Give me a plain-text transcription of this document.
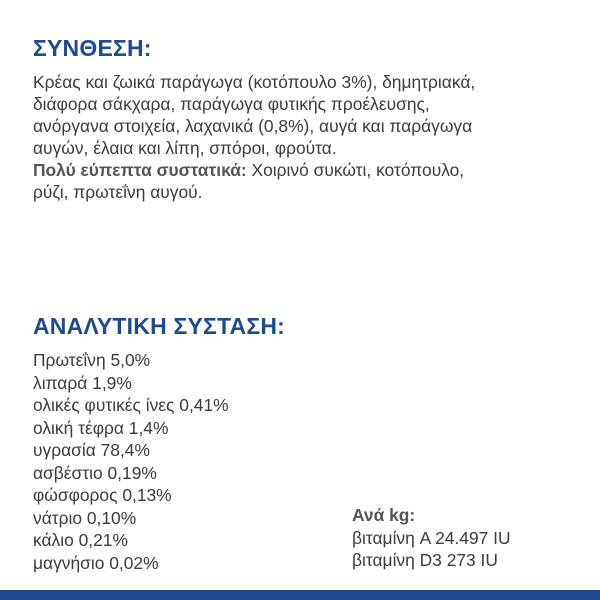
ΣΥΝΘΕΣΗ:
Κρέας και ζωικά παράγωγα (κοτόπουλο 3%), δημητριακά,
διάφορα σάκχαρα, παράγωγα φυτικής προέλευσης,
ανόργανα στοιχεία, λαχανικά (0,8%), αυγά και παράγωγα
αυγών, έλαια και λίπη, σπόροι, φρούτα.
Πολύ εύπεπτα συστατικά: Χοιρινό συκώτι, κοτόπουλο,
ρύζι, πρωτεΐνη αυγού.
ΑΝΑΛΥΤΙΚΗ ΣΥΣΤΑΣΗ:
Πρωτεΐνη 5,0%
λιπαρά 1,9%
ολικές φυτικές ίνες 0,41%
ολική τέφρα 1,4%
υγρασία 78,4%
ασβέστιο 0,19%
φώσφορος 0,13%
νάτριο 0,10%
κάλιο 0,21%
μαγνήσιο 0,02%
Ανά kg:
βιταμίνη A 24.497 IU
βιταμίνη D3 273 IU
